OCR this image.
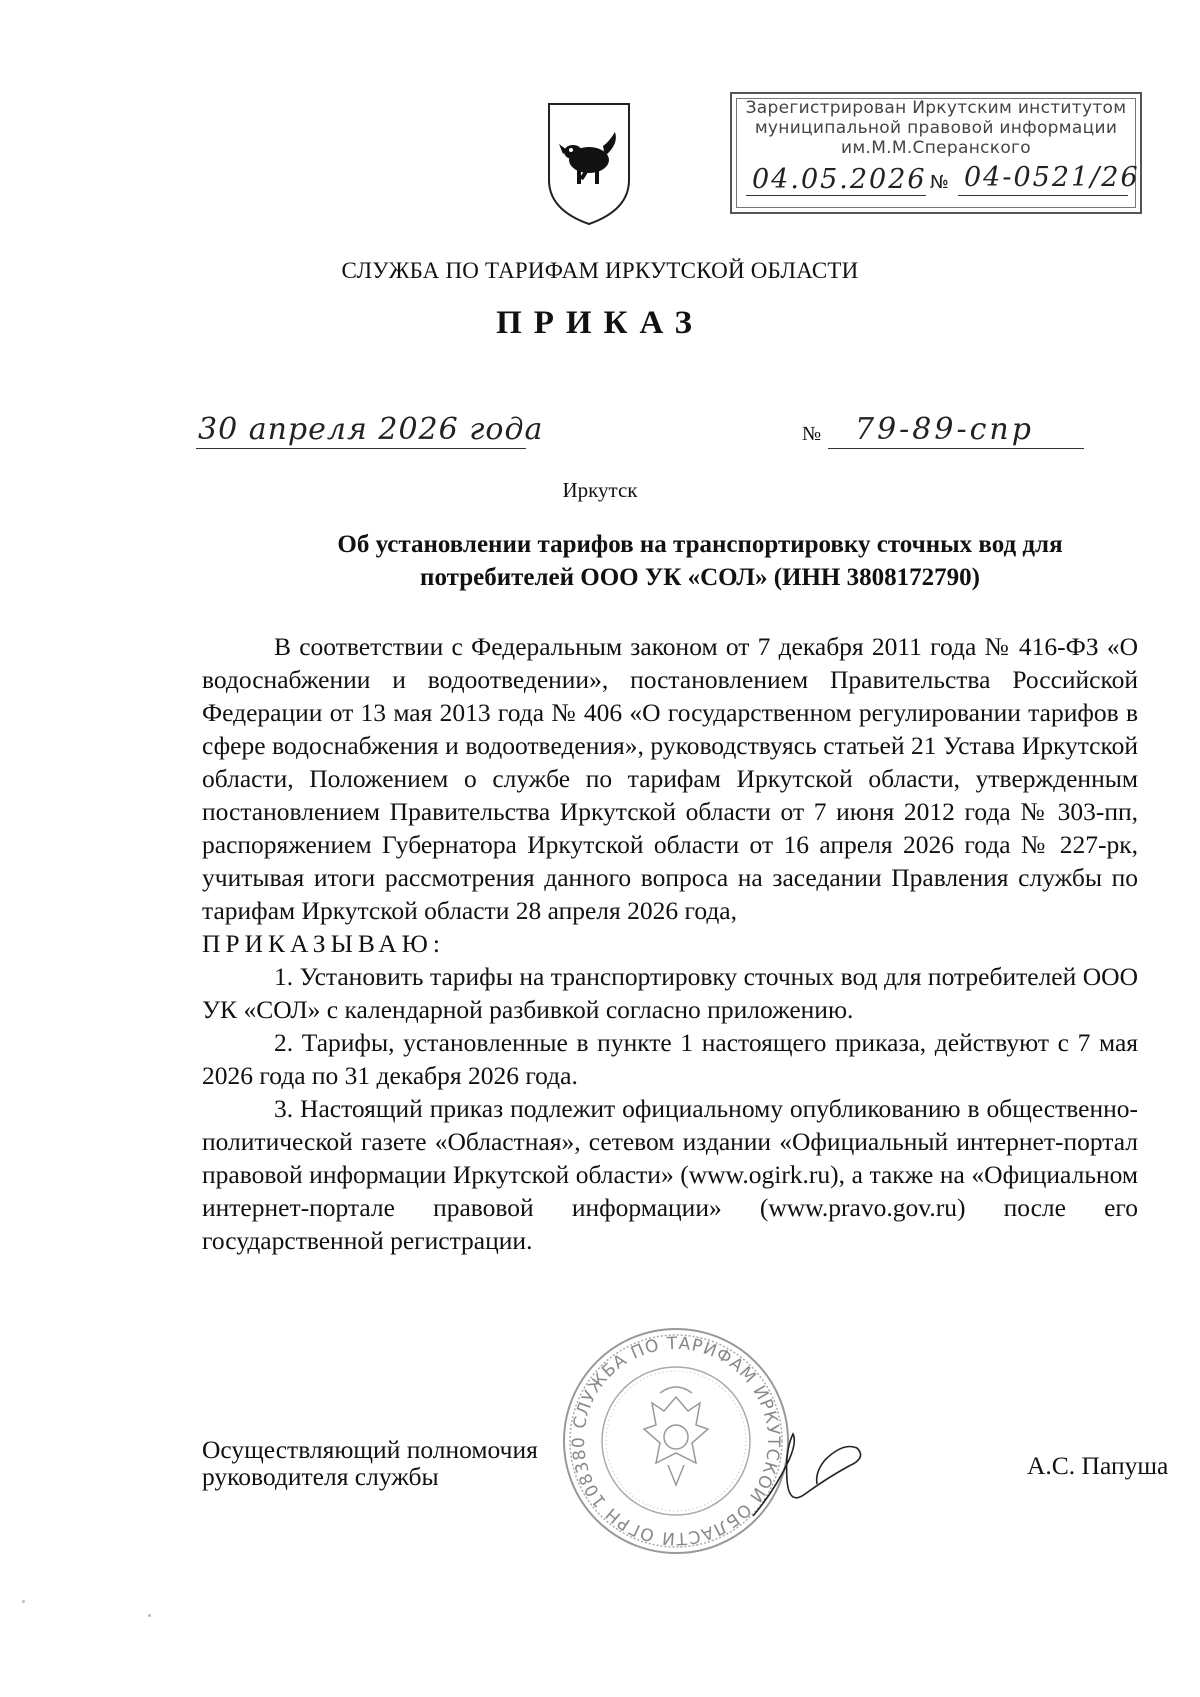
Зарегистрирован Иркутским институтом
муниципальной правовой информации
им.М.М.Сперанского
04.05.2026 № 04-0521/26
СЛУЖБА ПО ТАРИФАМ ИРКУТСКОЙ ОБЛАСТИ
ПРИКАЗ
30 апреля 2026 года	№ 79-89-спр
Иркутск
Об установлении тарифов на транспортировку сточных вод для
потребителей ООО УК «СОЛ» (ИНН 3808172790)

В соответствии с Федеральным законом от 7 декабря 2011 года № 416-ФЗ «О водоснабжении и водоотведении», постановлением Правительства Российской Федерации от 13 мая 2013 года № 406 «О государственном регулировании тарифов в сфере водоснабжения и водоотведения», руководствуясь статьей 21 Устава Иркутской области, Положением о службе по тарифам Иркутской области, утвержденным постановлением Правительства Иркутской области от 7 июня 2012 года № 303-пп, распоряжением Губернатора Иркутской области от 16 апреля 2026 года № 227-рк, учитывая итоги рассмотрения данного вопроса на заседании Правления службы по тарифам Иркутской области 28 апреля 2026 года,

ПРИКАЗЫВАЮ:

1. Установить тарифы на транспортировку сточных вод для потребителей ООО УК «СОЛ» с календарной разбивкой согласно приложению.

2. Тарифы, установленные в пункте 1 настоящего приказа, действуют с 7 мая 2026 года по 31 декабря 2026 года.

3. Настоящий приказ подлежит официальному опубликованию в общественно-политической газете «Областная», сетевом издании «Официальный интернет-портал правовой информации Иркутской области» (www.ogirk.ru), а также на «Официальном интернет-портале правовой информации» (www.pravo.gov.ru) после его государственной регистрации.

Осуществляющий полномочия
руководителя службы
СЛУЖБА ПО ТАРИФАМ ИРКУТСКОЙ ОБЛАСТИ ОГРН 108380
А.С. Папуша
